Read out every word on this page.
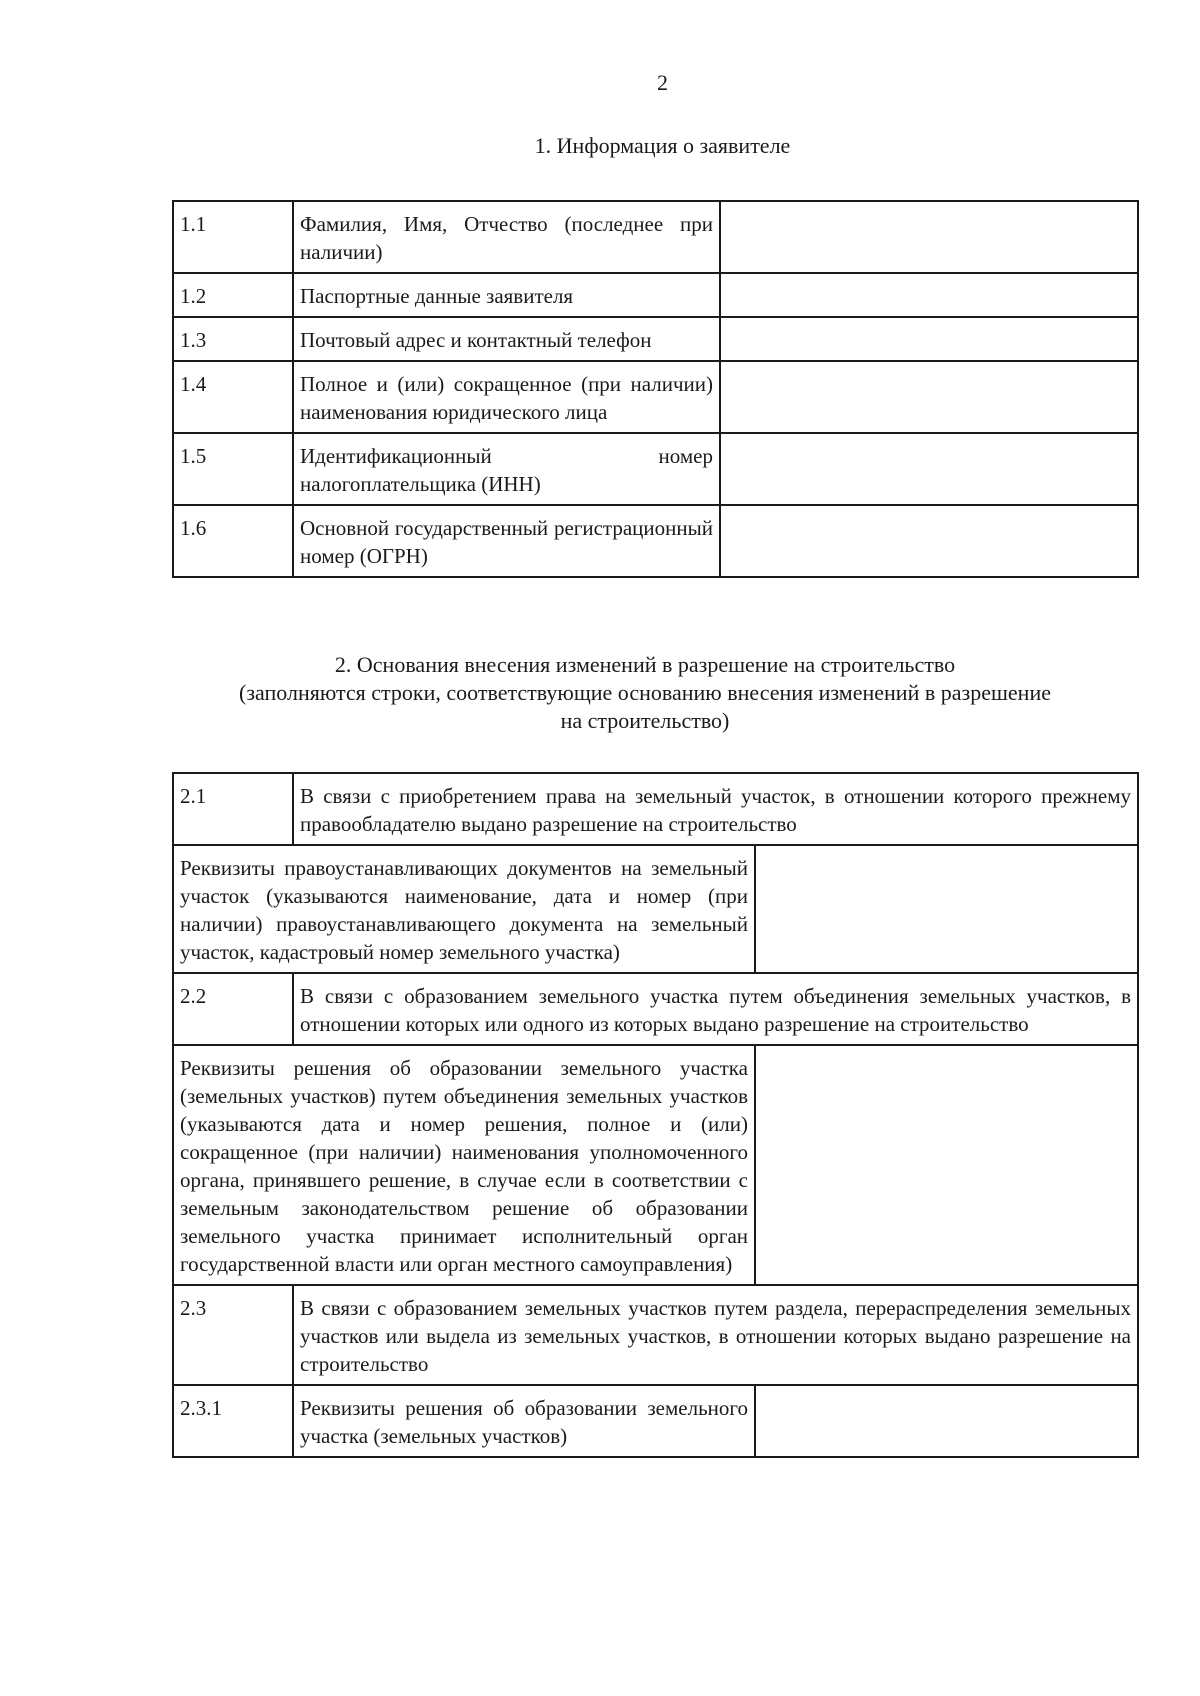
2
1. Информация о заявителе
1.1	Фамилия, Имя, Отчество (последнее при наличии)	
1.2	Паспортные данные заявителя	
1.3	Почтовый адрес и контактный телефон	
1.4	Полное и (или) сокращенное (при наличии) наименования юридического лица	
1.5	Идентификационный номер налогоплательщика (ИНН)	
1.6	Основной государственный регистрационный номер (ОГРН)	
2. Основания внесения изменений в разрешение на строительство
(заполняются строки, соответствующие основанию внесения изменений в разрешение
на строительство)
2.1	В связи с приобретением права на земельный участок, в отношении которого прежнему правообладателю выдано разрешение на строительство	
Реквизиты правоустанавливающих документов на земельный участок (указываются наименование, дата и номер (при наличии) правоустанавливающего документа на земельный участок, кадастровый номер земельного участка)		
2.2	В связи с образованием земельного участка путем объединения земельных участков, в отношении которых или одного из которых выдано разрешение на строительство	
Реквизиты решения об образовании земельного участка (земельных участков) путем объединения земельных участков (указываются дата и номер решения, полное и (или) сокращенное (при наличии) наименования уполномоченного органа, принявшего решение, в случае если в соответствии с земельным законодательством решение об образовании земельного участка принимает исполнительный орган государственной власти или орган местного самоуправления)		
2.3	В связи с образованием земельных участков путем раздела, перераспределения земельных участков или выдела из земельных участков, в отношении которых выдано разрешение на строительство	
2.3.1	Реквизиты решения об образовании земельного участка (земельных участков)	
